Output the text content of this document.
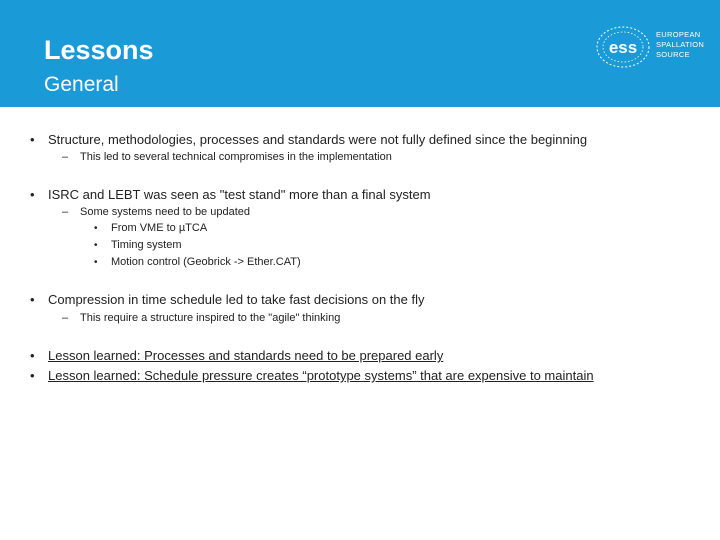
Lessons
General
ess
EUROPEAN
SPALLATION
SOURCE
• Structure, methodologies, processes and standards were not fully defined since the beginning
– This led to several technical compromises in the implementation
• ISRC and LEBT was seen as "test stand" more than a final system
– Some systems need to be updated
• From VME to µTCA
• Timing system
• Motion control (Geobrick -> Ether.CAT)
• Compression in time schedule led to take fast decisions on the fly
– This require a structure inspired to the "agile" thinking
• Lesson learned: Processes and standards need to be prepared early
• Lesson learned: Schedule pressure creates “prototype systems” that are expensive to maintain
